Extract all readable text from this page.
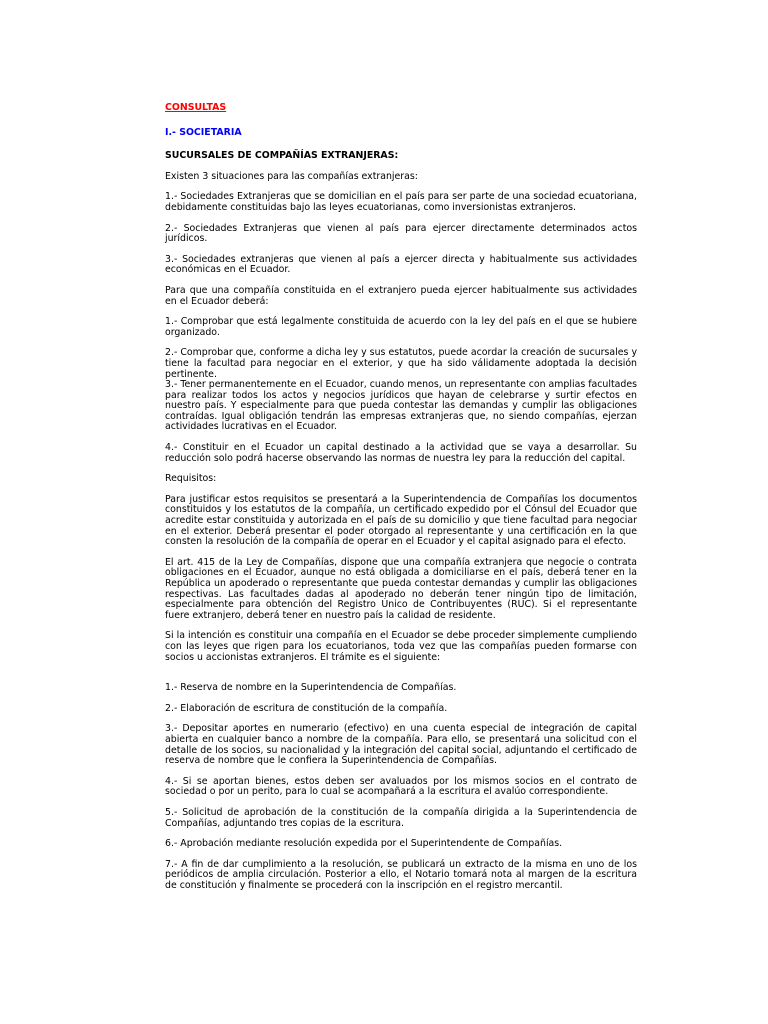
CONSULTAS
I.- SOCIETARIA
SUCURSALES DE COMPAÑÍAS EXTRANJERAS:

Existen 3 situaciones para las compañías extranjeras:

1.- Sociedades Extranjeras que se domicilian en el país para ser parte de una sociedad ecuatoriana, debidamente constituidas bajo las leyes ecuatorianas, como inversionistas extranjeros.

2.- Sociedades Extranjeras que vienen al país para ejercer directamente determinados actos jurídicos.

3.- Sociedades extranjeras que vienen al país a ejercer directa y habitualmente sus actividades económicas en el Ecuador.

Para que una compañía constituida en el extranjero pueda ejercer habitualmente sus actividades en el Ecuador deberá:

1.- Comprobar que está legalmente constituida de acuerdo con la ley del país en el que se hubiere organizado.

2.- Comprobar que, conforme a dicha ley y sus estatutos, puede acordar la creación de sucursales y tiene la facultad para negociar en el exterior, y que ha sido válidamente adoptada la decisión pertinente.

3.- Tener permanentemente en el Ecuador, cuando menos, un representante con amplias facultades para realizar todos los actos y negocios jurídicos que hayan de celebrarse y surtir efectos en nuestro país. Y especialmente para que pueda contestar las demandas y cumplir las obligaciones contraídas. Igual obligación tendrán las empresas extranjeras que, no siendo compañías, ejerzan actividades lucrativas en el Ecuador.

4.- Constituir en el Ecuador un capital destinado a la actividad que se vaya a desarrollar. Su reducción solo podrá hacerse observando las normas de nuestra ley para la reducción del capital.

Requisitos:

Para justificar estos requisitos se presentará a la Superintendencia de Compañías los documentos constituidos y los estatutos de la compañía, un certificado expedido por el Cónsul del Ecuador que acredite estar constituida y autorizada en el país de su domicilio y que tiene facultad para negociar en el exterior. Deberá presentar el poder otorgado al representante y una certificación en la que consten la resolución de la compañía de operar en el Ecuador y el capital asignado para el efecto.

El art. 415 de la Ley de Compañías, dispone que una compañía extranjera que negocie o contrata obligaciones en el Ecuador, aunque no está obligada a domiciliarse en el país, deberá tener en la República un apoderado o representante que pueda contestar demandas y cumplir las obligaciones respectivas. Las facultades dadas al apoderado no deberán tener ningún tipo de limitación, especialmente para obtención del Registro Único de Contribuyentes (RUC). Si el representante fuere extranjero, deberá tener en nuestro país la calidad de residente.

Si la intención es constituir una compañía en el Ecuador se debe proceder simplemente cumpliendo con las leyes que rigen para los ecuatorianos, toda vez que las compañías pueden formarse con socios u accionistas extranjeros. El trámite es el siguiente:

1.- Reserva de nombre en la Superintendencia de Compañías.

2.- Elaboración de escritura de constitución de la compañía.

3.- Depositar aportes en numerario (efectivo) en una cuenta especial de integración de capital abierta en cualquier banco a nombre de la compañía. Para ello, se presentará una solicitud con el detalle de los socios, su nacionalidad y la integración del capital social, adjuntando el certificado de reserva de nombre que le confiera la Superintendencia de Compañías.

4.- Si se aportan bienes, estos deben ser avaluados por los mismos socios en el contrato de sociedad o por un perito, para lo cual se acompañará a la escritura el avalúo correspondiente.

5.- Solicitud de aprobación de la constitución de la compañía dirigida a la Superintendencia de Compañías, adjuntando tres copias de la escritura.

6.- Aprobación mediante resolución expedida por el Superintendente de Compañías.

7.- A fin de dar cumplimiento a la resolución, se publicará un extracto de la misma en uno de los periódicos de amplia circulación. Posterior a ello, el Notario tomará nota al margen de la escritura de constitución y finalmente se procederá con la inscripción en el registro mercantil.
